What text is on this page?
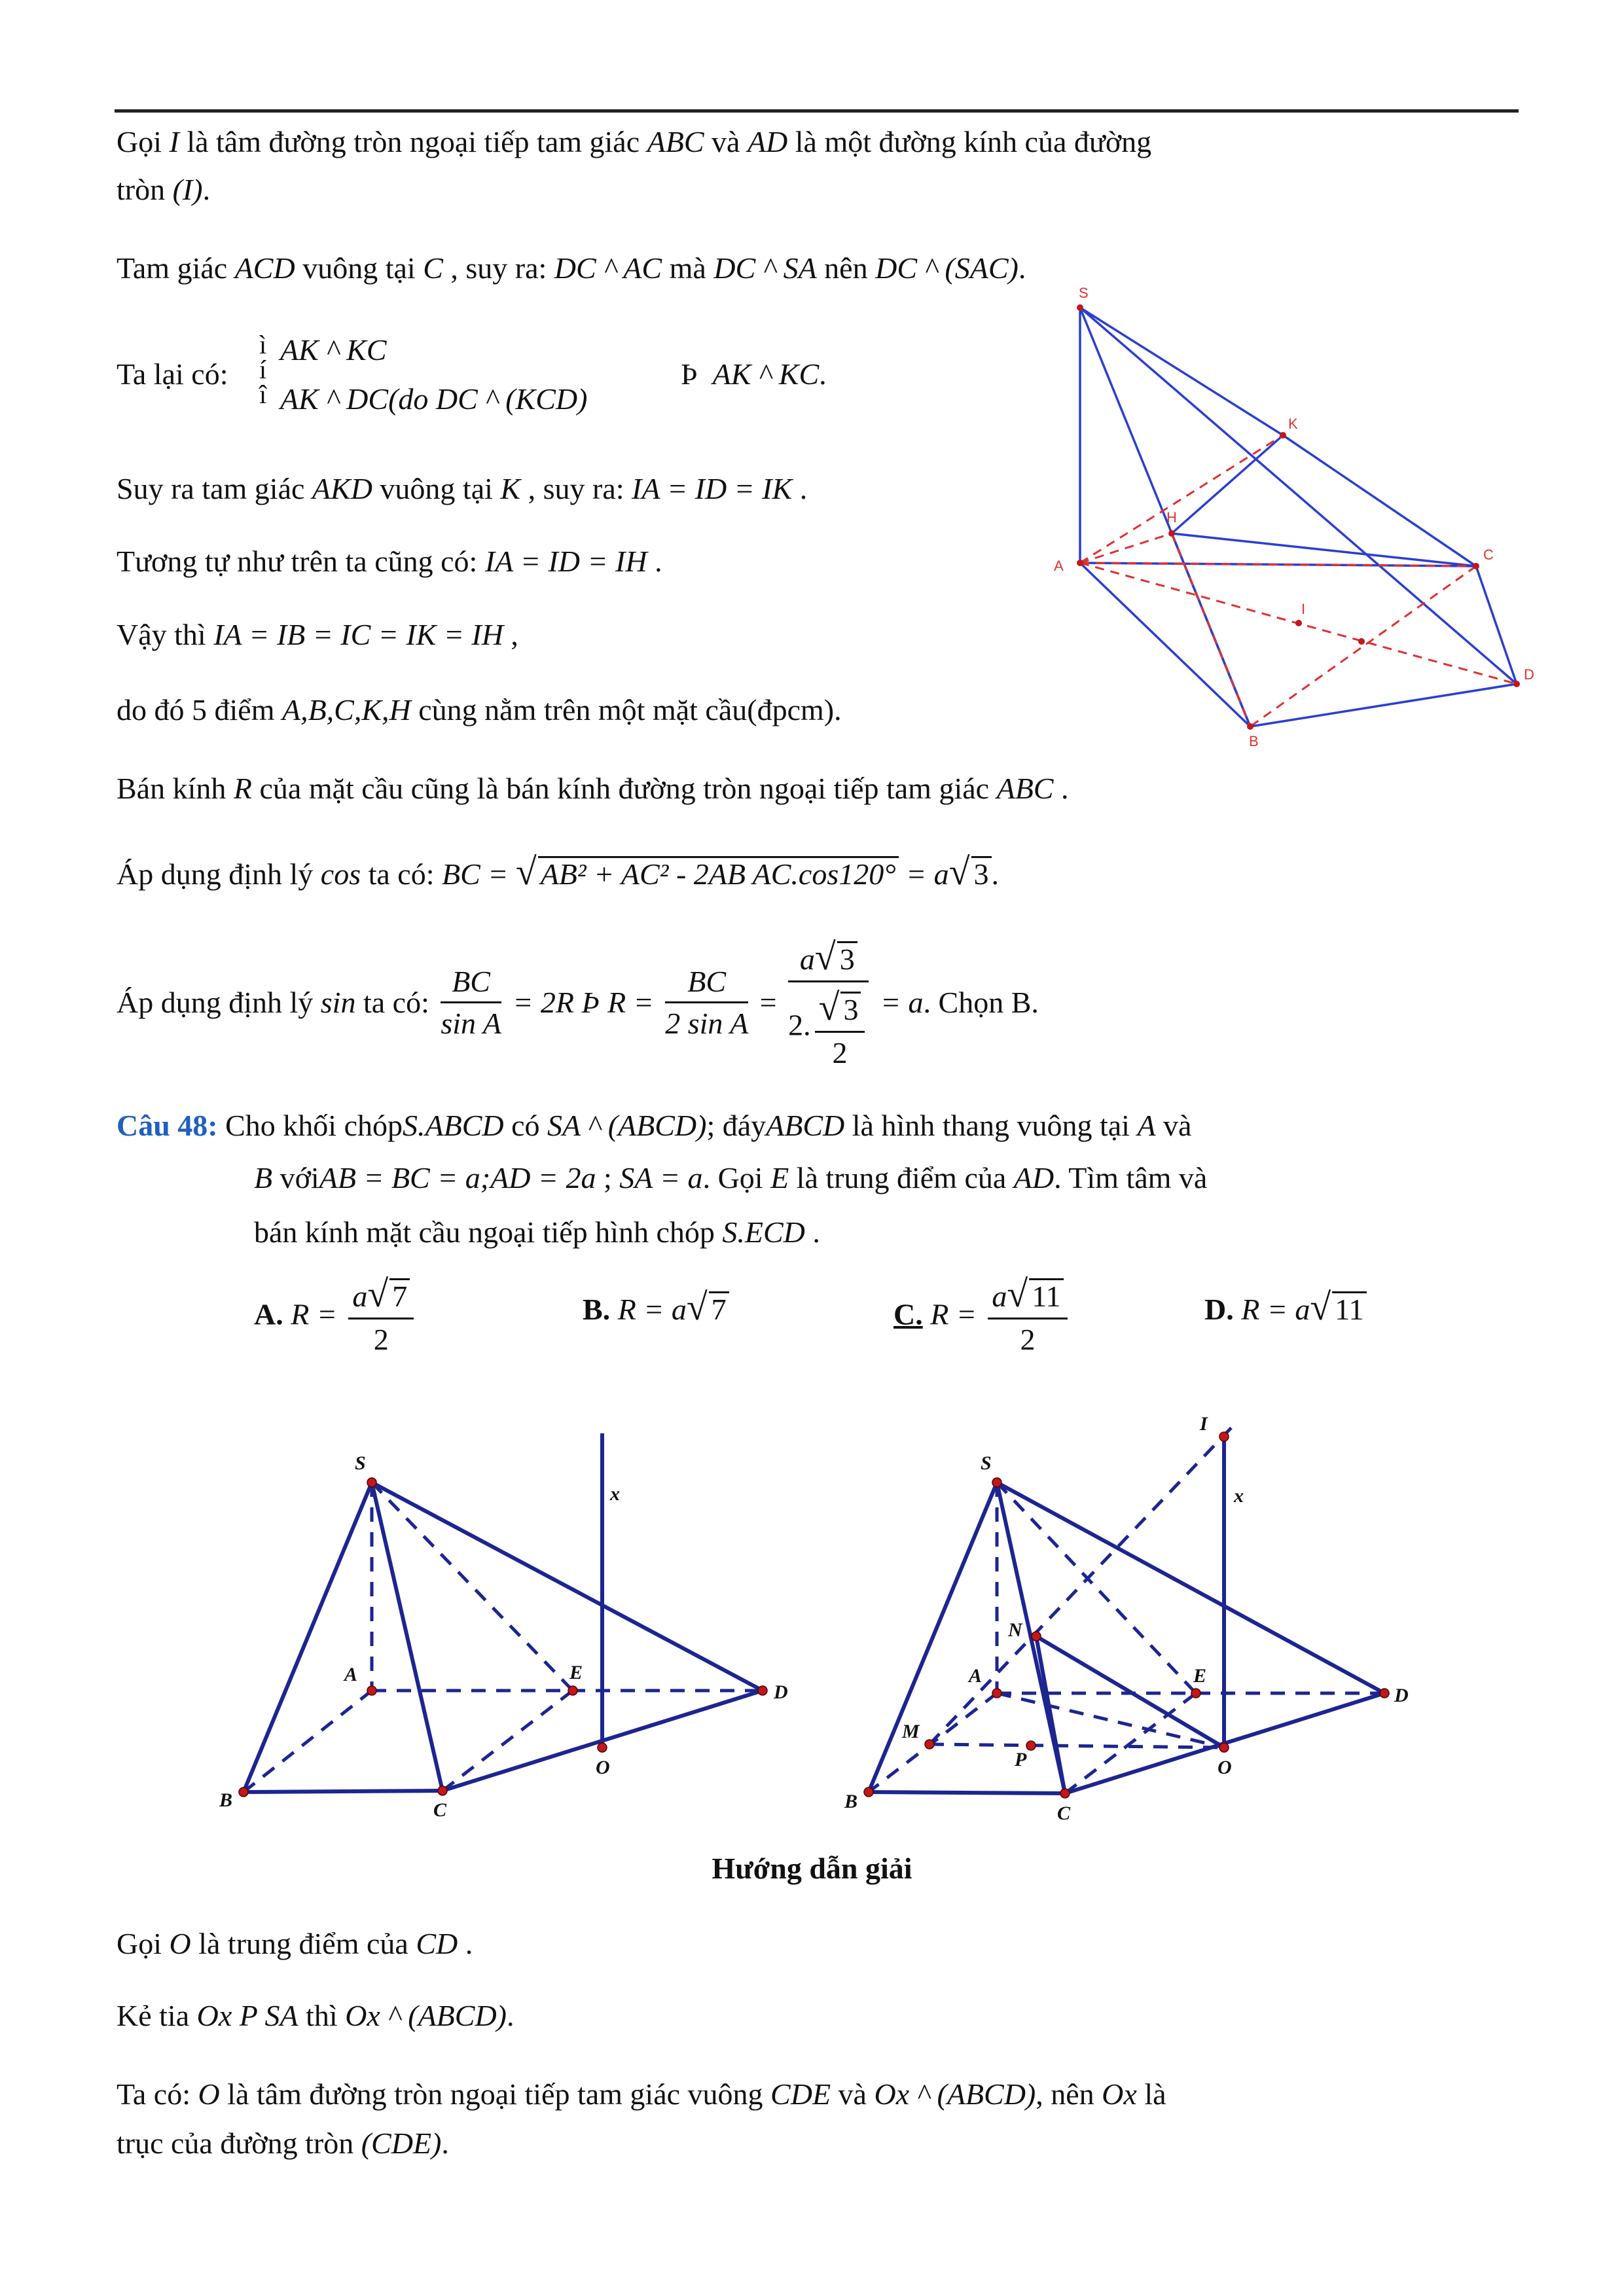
Gọi I là tâm đường tròn ngoại tiếp tam giác ABC và AD là một đường kính của đường
tròn (I).
Tam giác ACD vuông tại C , suy ra: DC ^ AC mà DC ^ SA nên DC ^ (SAC).
Ta lại có:
ì
í
î
AK ^ KC
AK ^ DC(do DC ^ (KCD)
Þ AK ^ KC.
Suy ra tam giác AKD vuông tại K , suy ra: IA = ID = IK .
Tương tự như trên ta cũng có: IA = ID = IH .
Vậy thì IA = IB = IC = IK = IH ,
do đó 5 điểm A,B,C,K,H cùng nằm trên một mặt cầu(đpcm).
S
K
H
A
C
I
D
B
Bán kính R của mặt cầu cũng là bán kính đường tròn ngoại tiếp tam giác ABC .
Áp dụng định lý cos ta có: BC = √ AB² + AC² - 2AB AC.cos120° = a√ 3.
Áp dụng định lý sin ta có: $\frac{BC}{\text{sin A}} = 2R$ Þ $R = \frac{BC}{\text{2 sin A}} = \frac{a√ 3}{2. \frac{√ 3}{2}} = a$. Chọn B.
Câu 48: Cho khối chópS.ABCD có SA ^ (ABCD); đáyABCD là hình thang vuông tại A và
B vớiAB = BC = a;AD = 2a ; SA = a. Gọi E là trung điểm của AD. Tìm tâm và
bán kính mặt cầu ngoại tiếp hình chóp S.ECD .
A. $R = \frac{a√ 7}{2}$	B. R = a√ 7	C. $R = \frac{a√ 11}{2}$	D. R = a√ 11
S
A	E
D
B	C
O
x
I
S
x
N
A	E
D
M
P
B
C
O
Hướng dẫn giải
Gọi O là trung điểm của CD .
Kẻ tia Ox P SA thì Ox ^ (ABCD).
Ta có: O là tâm đường tròn ngoại tiếp tam giác vuông CDE và Ox ^ (ABCD), nên Ox là
trục của đường tròn (CDE).
